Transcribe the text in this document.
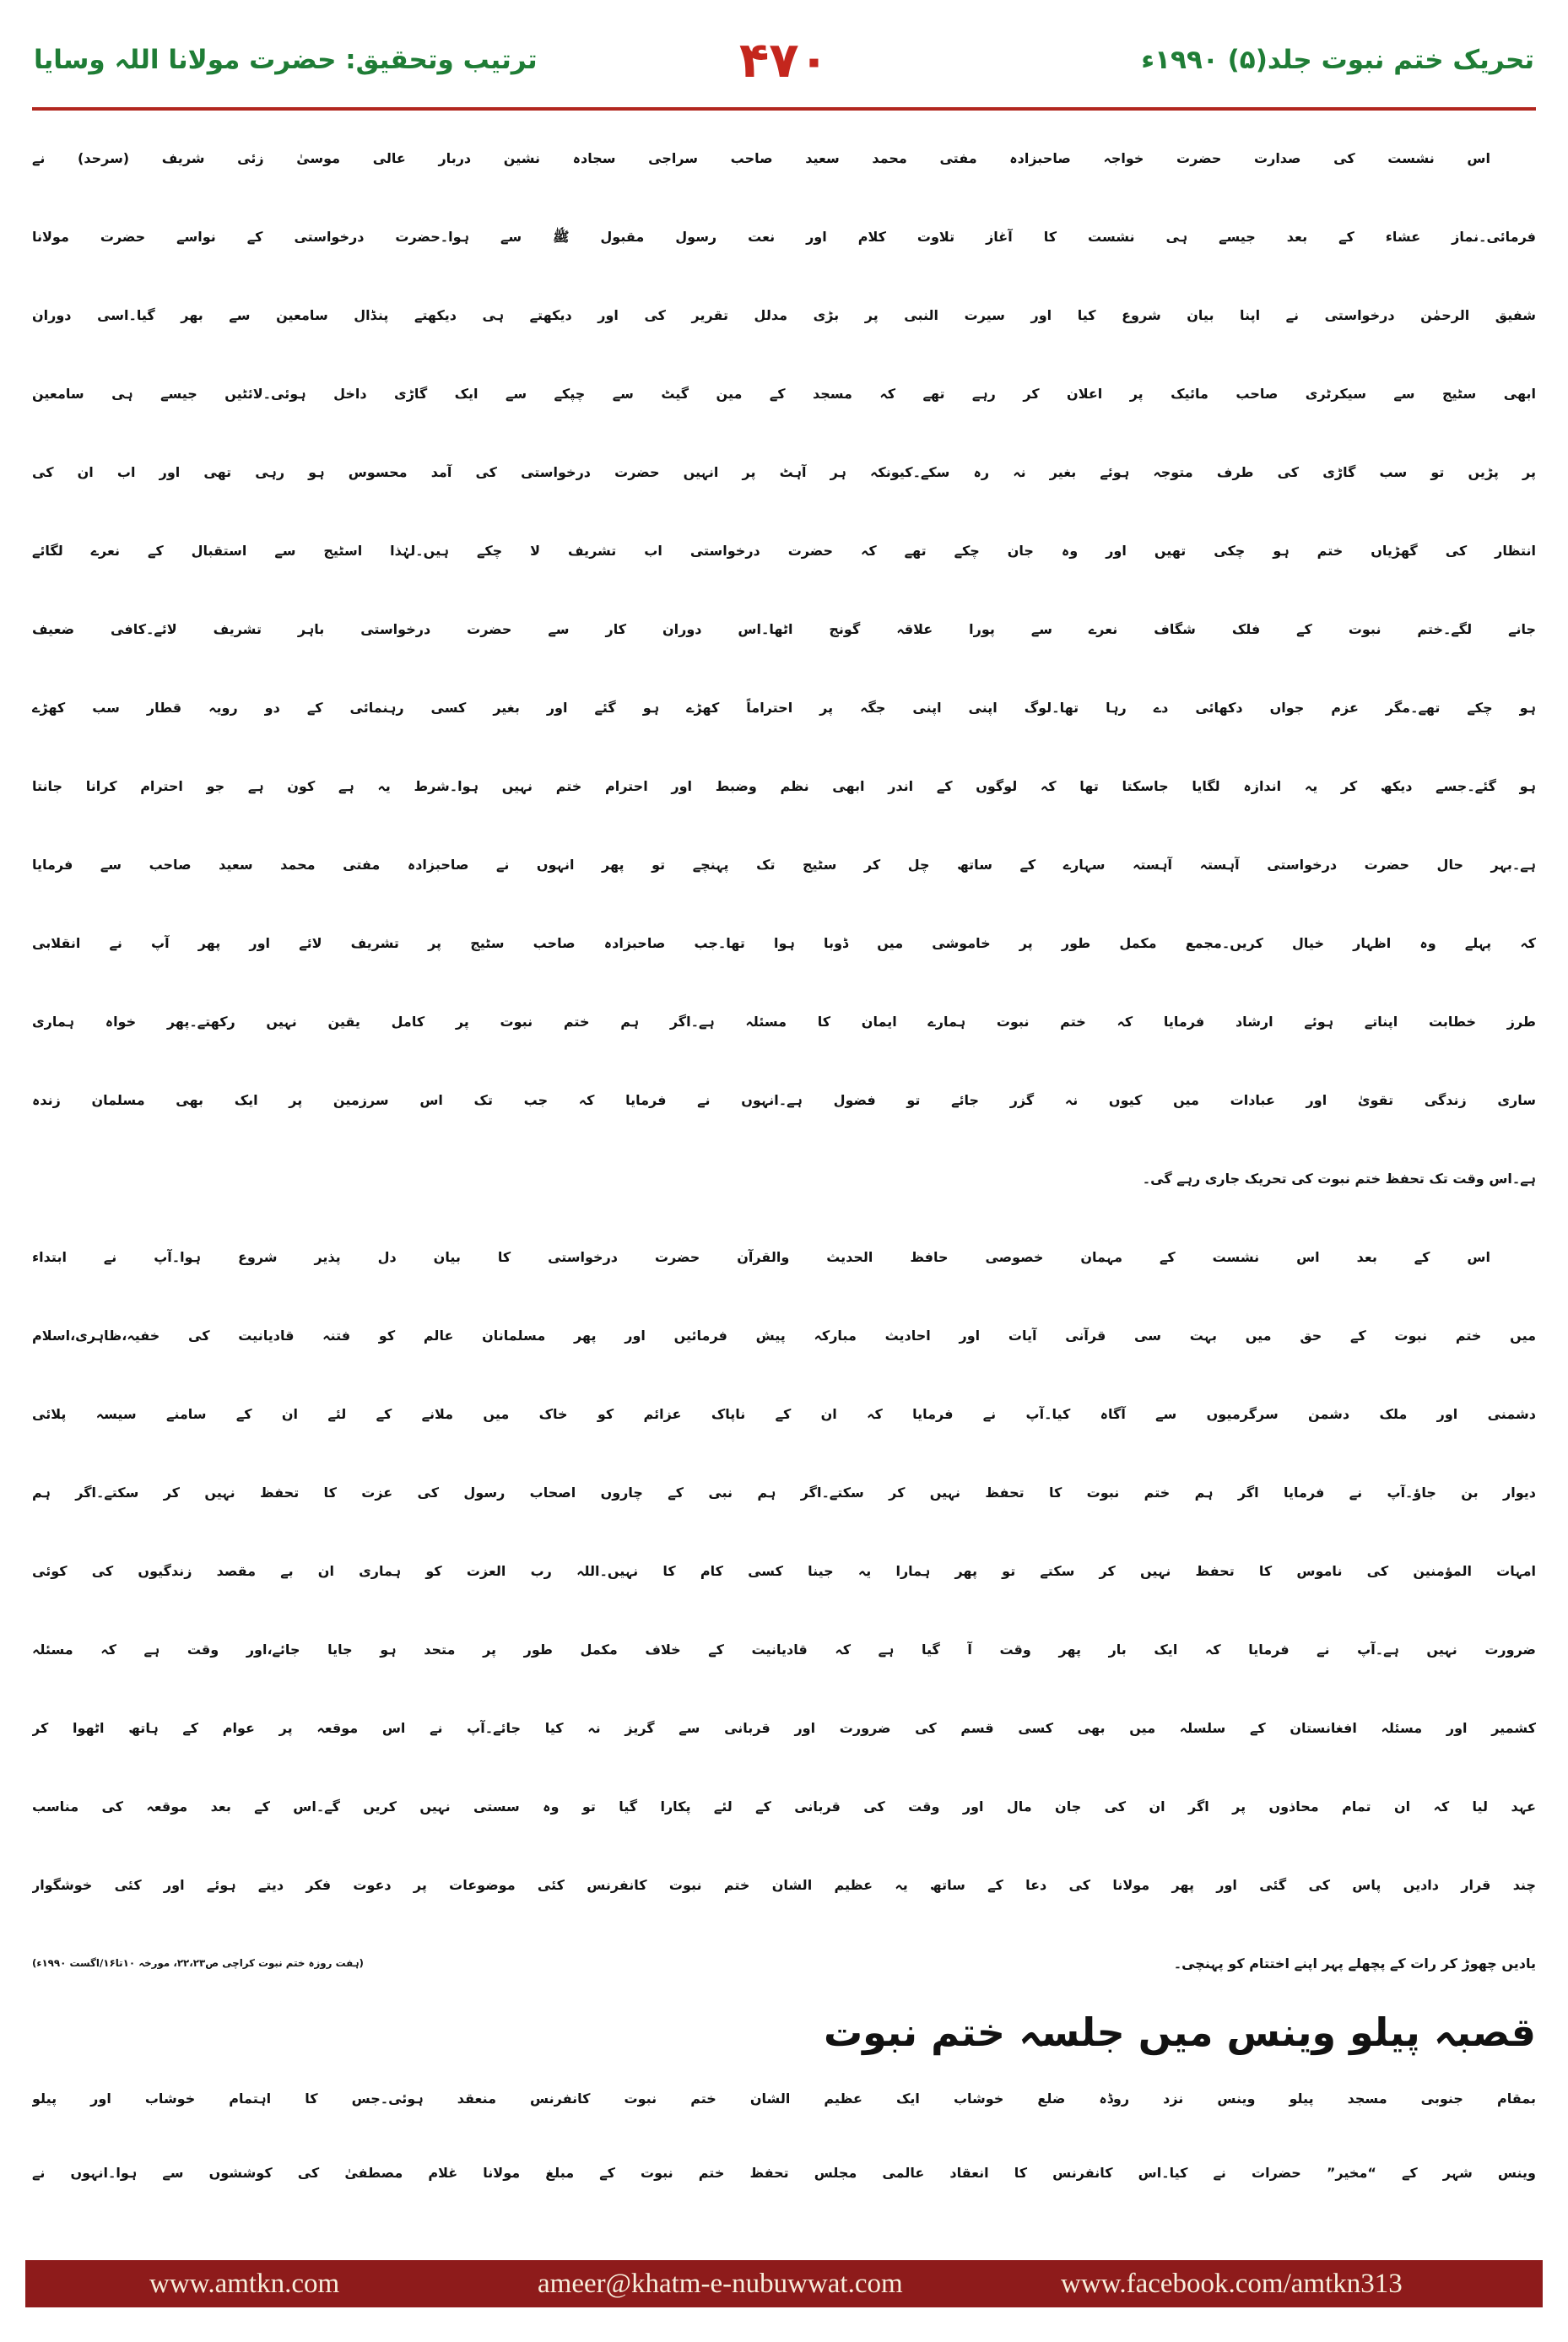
تحریک ختم نبوت جلد(۵) ۱۹۹۰ء
۴۷۰
ترتیب وتحقیق: حضرت مولانا اللہ وسایا
اس نشست کی صدارت حضرت خواجہ صاحبزادہ مفتی محمد سعید صاحب سراجی سجادہ نشین دربار عالی موسیٰ زئی شریف (سرحد) نے
فرمائی۔نماز عشاء کے بعد جیسے ہی نشست کا آغاز تلاوت کلام اور نعت رسول مقبول ﷺ سے ہوا۔حضرت درخواستی کے نواسے حضرت مولانا
شفیق الرحمٰن درخواستی نے اپنا بیان شروع کیا اور سیرت النبی پر بڑی مدلل تقریر کی اور دیکھتے ہی دیکھتے پنڈال سامعین سے بھر گیا۔اسی دوران
ابھی سٹیج سے سیکرٹری صاحب مائیک پر اعلان کر رہے تھے کہ مسجد کے مین گیٹ سے چپکے سے ایک گاڑی داخل ہوئی۔لائٹیں جیسے ہی سامعین
پر پڑیں تو سب گاڑی کی طرف متوجہ ہوئے بغیر نہ رہ سکے۔کیونکہ ہر آہٹ پر انہیں حضرت درخواستی کی آمد محسوس ہو رہی تھی اور اب ان کی
انتظار کی گھڑیاں ختم ہو چکی تھیں اور وہ جان چکے تھے کہ حضرت درخواستی اب تشریف لا چکے ہیں۔لہٰذا اسٹیج سے استقبال کے نعرے لگائے
جانے لگے۔ختم نبوت کے فلک شگاف نعرے سے پورا علاقہ گونج اٹھا۔اس دوران کار سے حضرت درخواستی باہر تشریف لائے۔کافی ضعیف
ہو چکے تھے۔مگر عزم جواں دکھائی دے رہا تھا۔لوگ اپنی اپنی جگہ پر احتراماً کھڑے ہو گئے اور بغیر کسی رہنمائی کے دو رویہ قطار سب کھڑے
ہو گئے۔جسے دیکھ کر یہ اندازہ لگایا جاسکتا تھا کہ لوگوں کے اندر ابھی نظم وضبط اور احترام ختم نہیں ہوا۔شرط یہ ہے کون ہے جو احترام کرانا جانتا
ہے۔بہر حال حضرت درخواستی آہستہ آہستہ سہارے کے ساتھ چل کر سٹیج تک پہنچے تو پھر انہوں نے صاحبزادہ مفتی محمد سعید صاحب سے فرمایا
کہ پہلے وہ اظہار خیال کریں۔مجمع مکمل طور پر خاموشی میں ڈوبا ہوا تھا۔جب صاحبزادہ صاحب سٹیج پر تشریف لائے اور پھر آپ نے انقلابی
طرز خطابت اپناتے ہوئے ارشاد فرمایا کہ ختم نبوت ہمارے ایمان کا مسئلہ ہے۔اگر ہم ختم نبوت پر کامل یقین نہیں رکھتے۔پھر خواہ ہماری
ساری زندگی تقویٰ اور عبادات میں کیوں نہ گزر جائے تو فضول ہے۔انہوں نے فرمایا کہ جب تک اس سرزمین پر ایک بھی مسلمان زندہ
ہے۔اس وقت تک تحفظ ختم نبوت کی تحریک جاری رہے گی۔
اس کے بعد اس نشست کے مہمان خصوصی حافظ الحدیث والقرآن حضرت درخواستی کا بیان دل پذیر شروع ہوا۔آپ نے ابتداء
میں ختم نبوت کے حق میں بہت سی قرآنی آیات اور احادیث مبارکہ پیش فرمائیں اور پھر مسلمانان عالم کو فتنہ قادیانیت کی خفیہ،ظاہری،اسلام
دشمنی اور ملک دشمن سرگرمیوں سے آگاہ کیا۔آپ نے فرمایا کہ ان کے ناپاک عزائم کو خاک میں ملانے کے لئے ان کے سامنے سیسہ پلائی
دیوار بن جاؤ۔آپ نے فرمایا اگر ہم ختم نبوت کا تحفظ نہیں کر سکتے۔اگر ہم نبی کے چاروں اصحاب رسول کی عزت کا تحفظ نہیں کر سکتے۔اگر ہم
امہات المؤمنین کی ناموس کا تحفظ نہیں کر سکتے تو پھر ہمارا یہ جینا کسی کام کا نہیں۔اللہ رب العزت کو ہماری ان بے مقصد زندگیوں کی کوئی
ضرورت نہیں ہے۔آپ نے فرمایا کہ ایک بار پھر وقت آ گیا ہے کہ قادیانیت کے خلاف مکمل طور پر متحد ہو جایا جائے،اور وقت ہے کہ مسئلہ
کشمیر اور مسئلہ افغانستان کے سلسلہ میں بھی کسی قسم کی ضرورت اور قربانی سے گریز نہ کیا جائے۔آپ نے اس موقعہ پر عوام کے ہاتھ اٹھوا کر
عہد لیا کہ ان تمام محاذوں پر اگر ان کی جان مال اور وقت کی قربانی کے لئے پکارا گیا تو وہ سستی نہیں کریں گے۔اس کے بعد موقعہ کی مناسب
چند قرار دادیں پاس کی گئی اور پھر مولانا کی دعا کے ساتھ یہ عظیم الشان ختم نبوت کانفرنس کئی موضوعات پر دعوت فکر دیتے ہوئے اور کئی خوشگوار
یادیں چھوڑ کر رات کے پچھلے پہر اپنے اختتام کو پہنچی۔
(ہفت روزہ ختم نبوت کراچی ص۲۲،۲۳، مورخہ ۱۰تا۱۶/اگست ۱۹۹۰ء)
قصبہ پیلو وینس میں جلسہ ختم نبوت
بمقام جنوبی مسجد پیلو وینس نزد روڈہ ضلع خوشاب ایک عظیم الشان ختم نبوت کانفرنس منعقد ہوئی۔جس کا اہتمام خوشاب اور پیلو
وینس شہر کے “مخیر” حضرات نے کیا۔اس کانفرنس کا انعقاد عالمی مجلس تحفظ ختم نبوت کے مبلغ مولانا غلام مصطفیٰ کی کوششوں سے ہوا۔انہوں نے
www.amtkn.com	ameer@khatm-e-nubuwwat.com	www.facebook.com/amtkn313
